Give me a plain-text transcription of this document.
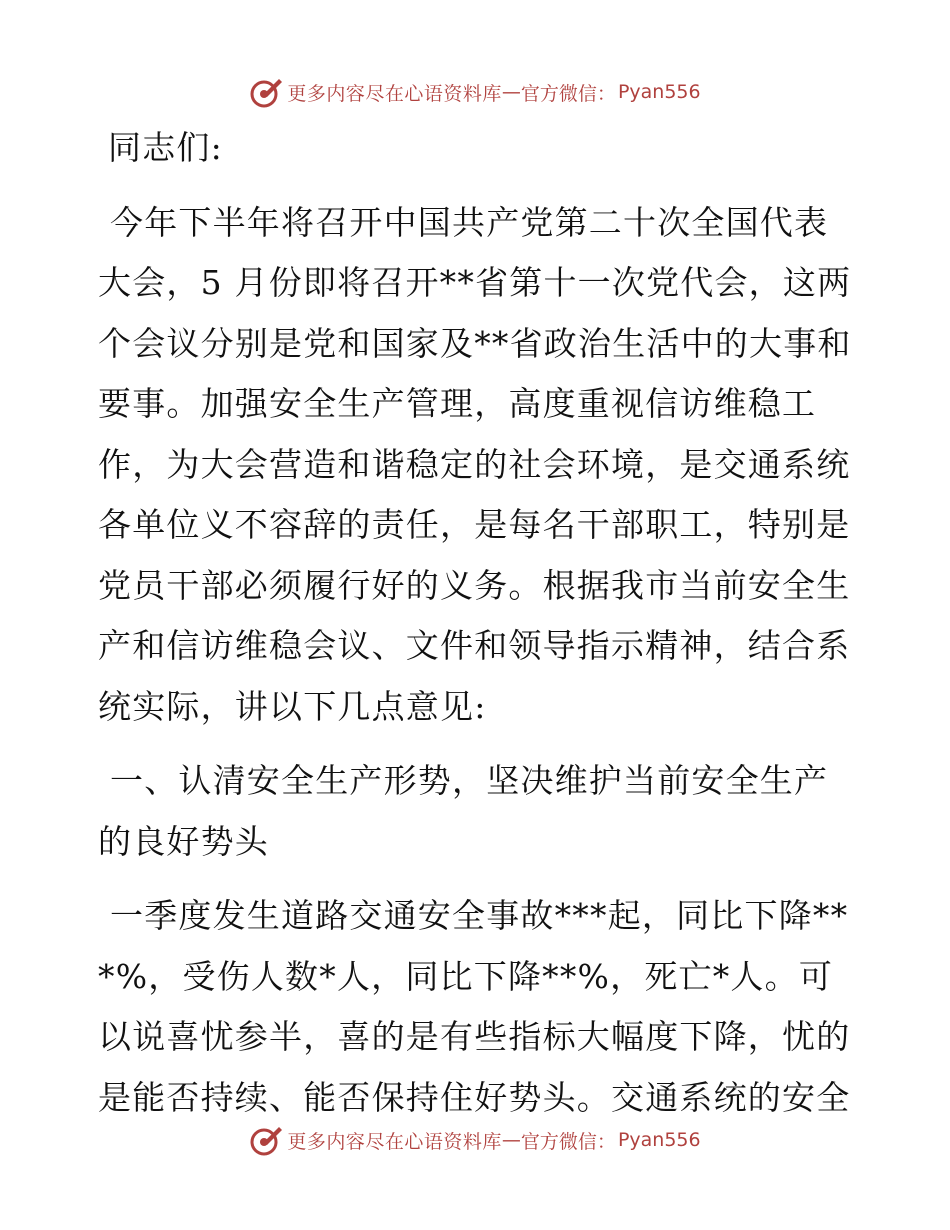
更多内容尽在心语资料库 — 官方微信： Pyan556

同志们:

今年下半年将召开中国共产党第二十次全国代表大会，5 月份即将召开**省第十一次党代会，这两个会议分别是党和国家及**省政治生活中的大事和要事。加强安全生产管理，高度重视信访维稳工作，为大会营造和谐稳定的社会环境，是交通系统各单位义不容辞的责任，是每名干部职工，特别是党员干部必须履行好的义务。根据我市当前安全生产和信访维稳会议、文件和领导指示精神，结合系统实际，讲以下几点意见:

一、认清安全生产形势，坚决维护当前安全生产的良好势头

一季度发生道路交通安全事故***起，同比下降***%，受伤人数*人，同比下降**%，死亡*人。可以说喜忧参半，喜的是有些指标大幅度下降，忧的是能否持续、能否保持住好势头。交通系统的安全

更多内容尽在心语资料库 — 官方微信： Pyan556
